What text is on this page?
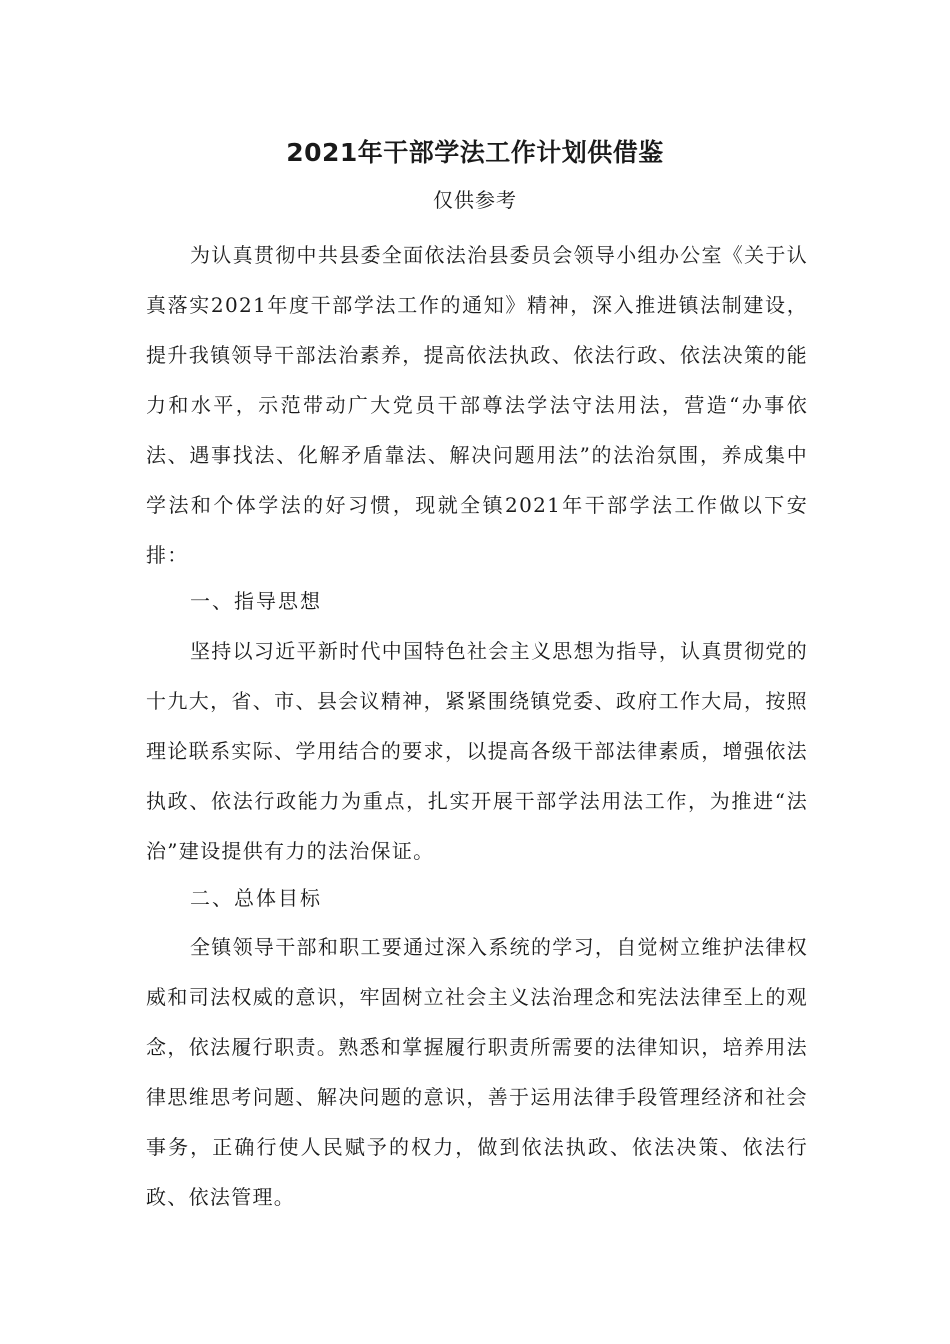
2021年干部学法工作计划供借鉴
仅供参考

为认真贯彻中共县委全面依法治县委员会领导小组办公室《关于认真落实2021年度干部学法工作的通知》精神，深入推进镇法制建设，提升我镇领导干部法治素养，提高依法执政、依法行政、依法决策的能力和水平，示范带动广大党员干部尊法学法守法用法，营造“办事依法、遇事找法、化解矛盾靠法、解决问题用法”的法治氛围，养成集中学法和个体学法的好习惯，现就全镇2021年干部学法工作做以下安排：

一、指导思想

坚持以习近平新时代中国特色社会主义思想为指导，认真贯彻党的十九大，省、市、县会议精神，紧紧围绕镇党委、政府工作大局，按照理论联系实际、学用结合的要求，以提高各级干部法律素质，增强依法执政、依法行政能力为重点，扎实开展干部学法用法工作，为推进“法治”建设提供有力的法治保证。

二、总体目标

全镇领导干部和职工要通过深入系统的学习，自觉树立维护法律权威和司法权威的意识，牢固树立社会主义法治理念和宪法法律至上的观念，依法履行职责。熟悉和掌握履行职责所需要的法律知识，培养用法律思维思考问题、解决问题的意识，善于运用法律手段管理经济和社会事务，正确行使人民赋予的权力，做到依法执政、依法决策、依法行政、依法管理。
